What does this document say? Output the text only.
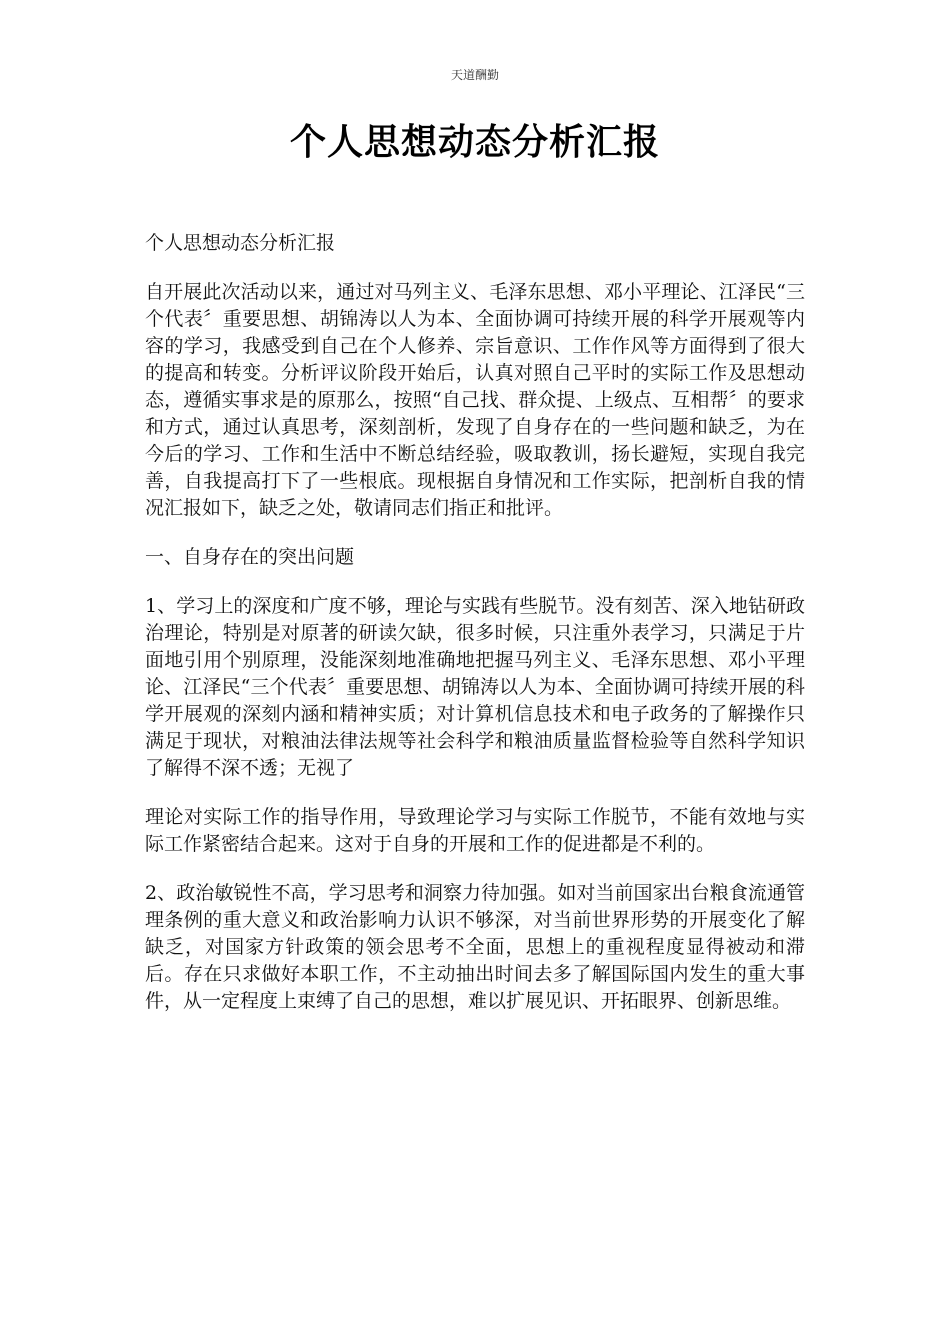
天道酬勤
个人思想动态分析汇报

个人思想动态分析汇报

自开展此次活动以来，通过对马列主义、毛泽东思想、邓小平理论、江泽民“三个代表〞重要思想、胡锦涛以人为本、全面协调可持续开展的科学开展观等内容的学习，我感受到自己在个人修养、宗旨意识、工作作风等方面得到了很大的提高和转变。分析评议阶段开始后，认真对照自己平时的实际工作及思想动态，遵循实事求是的原那么，按照“自己找、群众提、上级点、互相帮〞的要求和方式，通过认真思考，深刻剖析，发现了自身存在的一些问题和缺乏，为在今后的学习、工作和生活中不断总结经验，吸取教训，扬长避短，实现自我完善，自我提高打下了一些根底。现根据自身情况和工作实际，把剖析自我的情况汇报如下，缺乏之处，敬请同志们指正和批评。

一、自身存在的突出问题

1、学习上的深度和广度不够，理论与实践有些脱节。没有刻苦、深入地钻研政治理论，特别是对原著的研读欠缺，很多时候，只注重外表学习，只满足于片面地引用个别原理，没能深刻地准确地把握马列主义、毛泽东思想、邓小平理论、江泽民“三个代表〞重要思想、胡锦涛以人为本、全面协调可持续开展的科学开展观的深刻内涵和精神实质；对计算机信息技术和电子政务的了解操作只满足于现状，对粮油法律法规等社会科学和粮油质量监督检验等自然科学知识了解得不深不透；无视了

理论对实际工作的指导作用，导致理论学习与实际工作脱节，不能有效地与实际工作紧密结合起来。这对于自身的开展和工作的促进都是不利的。

2、政治敏锐性不高，学习思考和洞察力待加强。如对当前国家出台粮食流通管理条例的重大意义和政治影响力认识不够深，对当前世界形势的开展变化了解缺乏，对国家方针政策的领会思考不全面，思想上的重视程度显得被动和滞后。存在只求做好本职工作，不主动抽出时间去多了解国际国内发生的重大事件，从一定程度上束缚了自己的思想，难以扩展见识、开拓眼界、创新思维。
